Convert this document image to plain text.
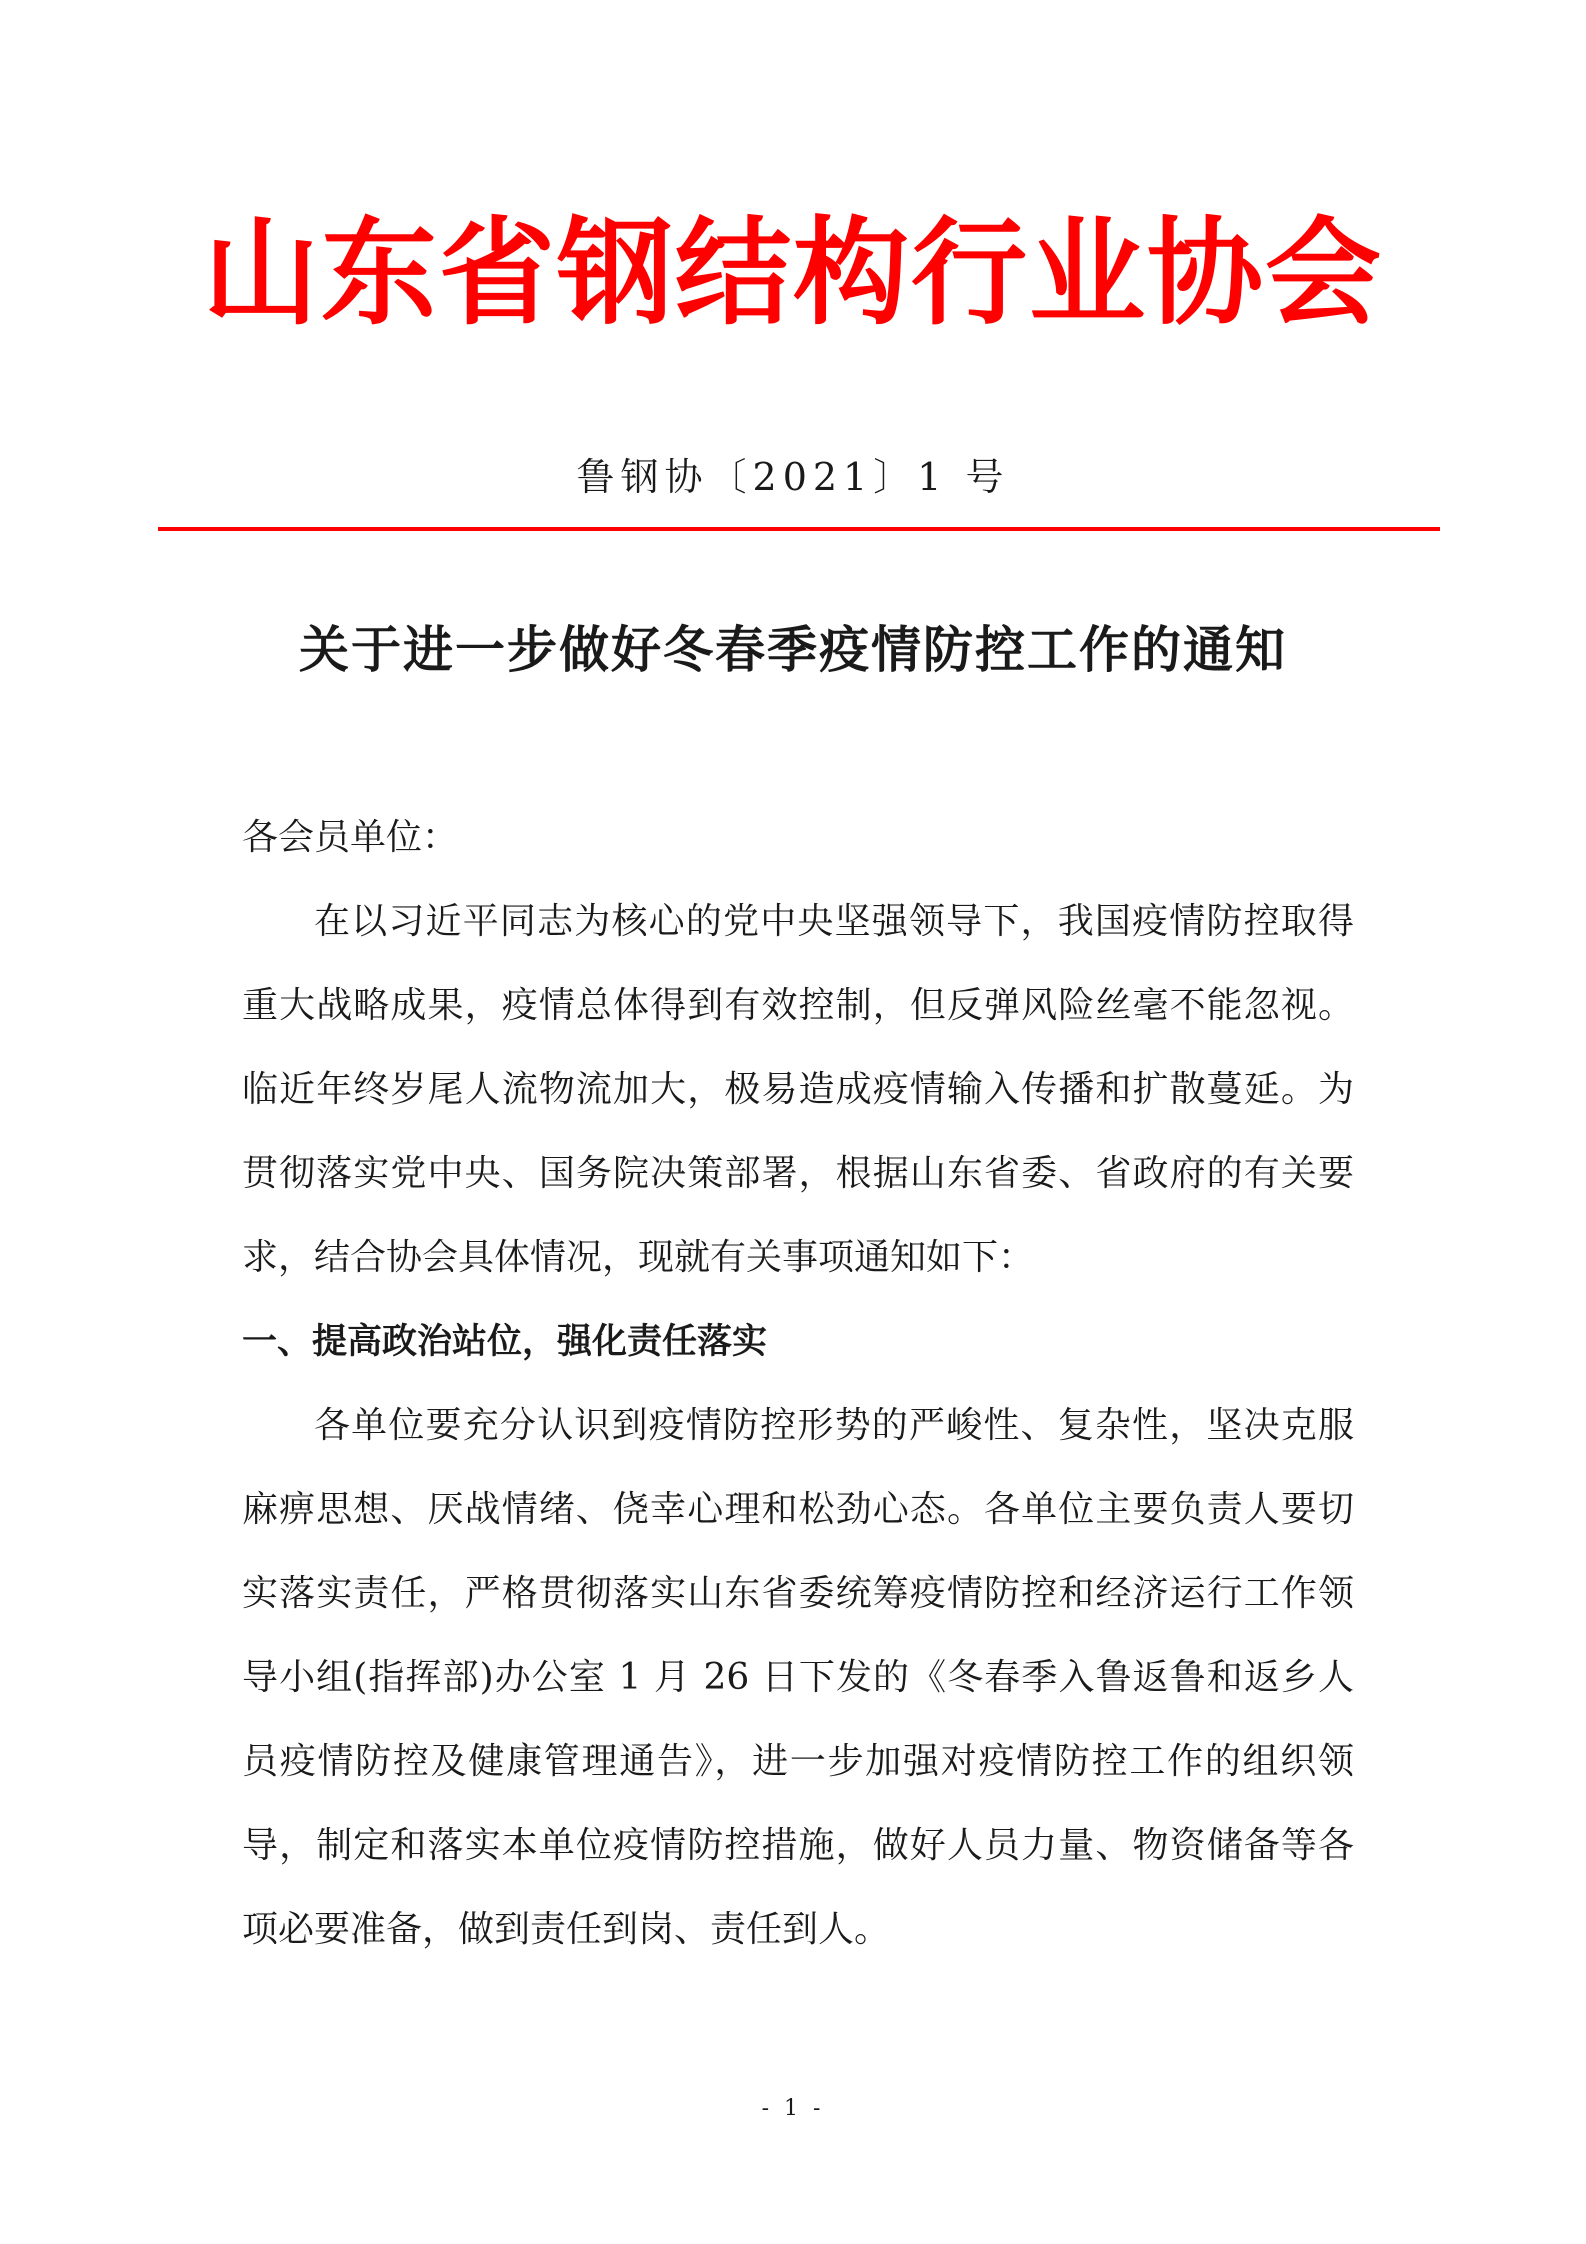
山东省钢结构行业协会
鲁钢协〔2021〕1 号
关于进一步做好冬春季疫情防控工作的通知

各会员单位：

在以习近平同志为核心的党中央坚强领导下，我国疫情防控取得重大战略成果，疫情总体得到有效控制，但反弹风险丝毫不能忽视。临近年终岁尾人流物流加大，极易造成疫情输入传播和扩散蔓延。为贯彻落实党中央、国务院决策部署，根据山东省委、省政府的有关要求，结合协会具体情况，现就有关事项通知如下：

一、提高政治站位，强化责任落实

各单位要充分认识到疫情防控形势的严峻性、复杂性，坚决克服麻痹思想、厌战情绪、侥幸心理和松劲心态。各单位主要负责人要切实落实责任，严格贯彻落实山东省委统筹疫情防控和经济运行工作领导小组(指挥部)办公室 1 月 26 日下发的《冬春季入鲁返鲁和返乡人员疫情防控及健康管理通告》，进一步加强对疫情防控工作的组织领导，制定和落实本单位疫情防控措施，做好人员力量、物资储备等各项必要准备，做到责任到岗、责任到人。

- 1 -
